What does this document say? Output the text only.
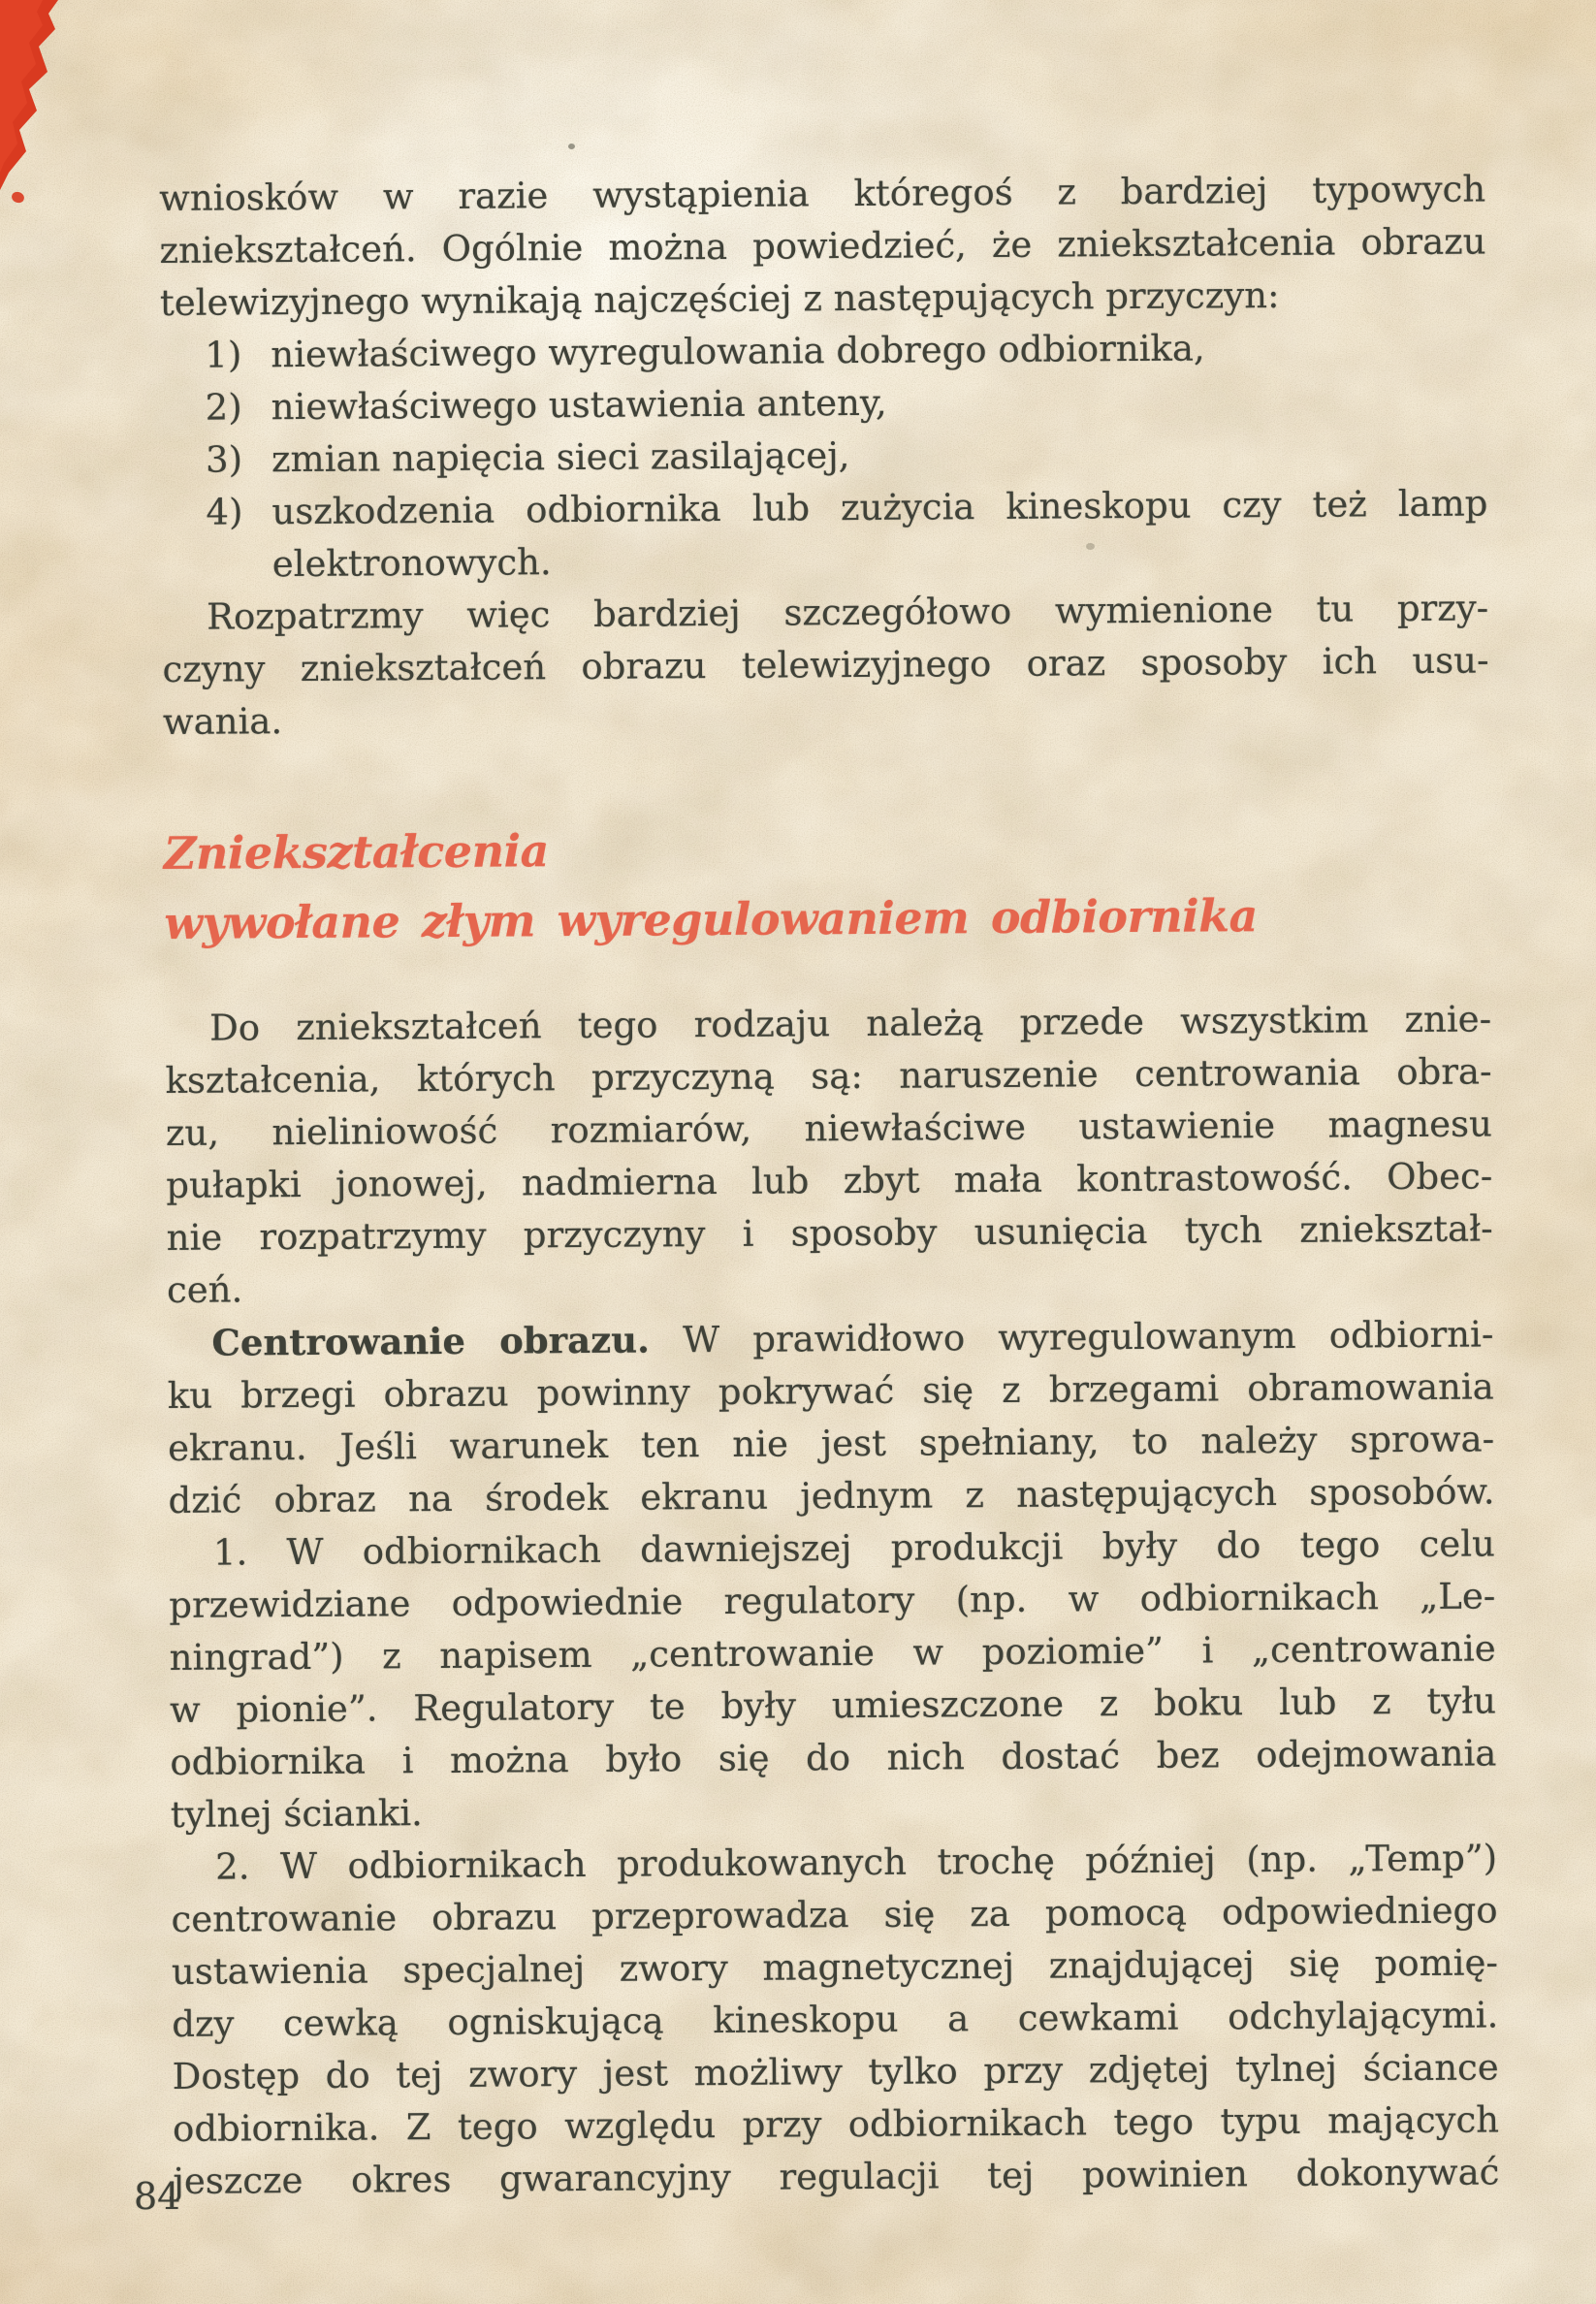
wniosków w razie wystąpienia któregoś z bardziej typowych
zniekształceń. Ogólnie można powiedzieć, że zniekształcenia obrazu
telewizyjnego wynikają najczęściej z następujących przyczyn:
1) niewłaściwego wyregulowania dobrego odbiornika,
2) niewłaściwego ustawienia anteny,
3) zmian napięcia sieci zasilającej,
4) uszkodzenia odbiornika lub zużycia kineskopu czy też lamp
elektronowych.
Rozpatrzmy więc bardziej szczegółowo wymienione tu przy-
czyny zniekształceń obrazu telewizyjnego oraz sposoby ich usu-
wania.
Zniekształcenia
wywołane złym wyregulowaniem odbiornika
Do zniekształceń tego rodzaju należą przede wszystkim znie-
kształcenia, których przyczyną są: naruszenie centrowania obra-
zu, nieliniowość rozmiarów, niewłaściwe ustawienie magnesu
pułapki jonowej, nadmierna lub zbyt mała kontrastowość. Obec-
nie rozpatrzymy przyczyny i sposoby usunięcia tych zniekształ-
ceń.
Centrowanie obrazu. W prawidłowo wyregulowanym odbiorni-
ku brzegi obrazu powinny pokrywać się z brzegami obramowania
ekranu. Jeśli warunek ten nie jest spełniany, to należy sprowa-
dzić obraz na środek ekranu jednym z następujących sposobów.
1. W odbiornikach dawniejszej produkcji były do tego celu
przewidziane odpowiednie regulatory (np. w odbiornikach „Le-
ningrad”) z napisem „centrowanie w poziomie” i „centrowanie
w pionie”. Regulatory te były umieszczone z boku lub z tyłu
odbiornika i można było się do nich dostać bez odejmowania
tylnej ścianki.
2. W odbiornikach produkowanych trochę później (np. „Temp”)
centrowanie obrazu przeprowadza się za pomocą odpowiedniego
ustawienia specjalnej zwory magnetycznej znajdującej się pomię-
dzy cewką ogniskującą kineskopu a cewkami odchylającymi.
Dostęp do tej zwory jest możliwy tylko przy zdjętej tylnej ściance
odbiornika. Z tego względu przy odbiornikach tego typu mających
jeszcze okres gwarancyjny regulacji tej powinien dokonywać
84
